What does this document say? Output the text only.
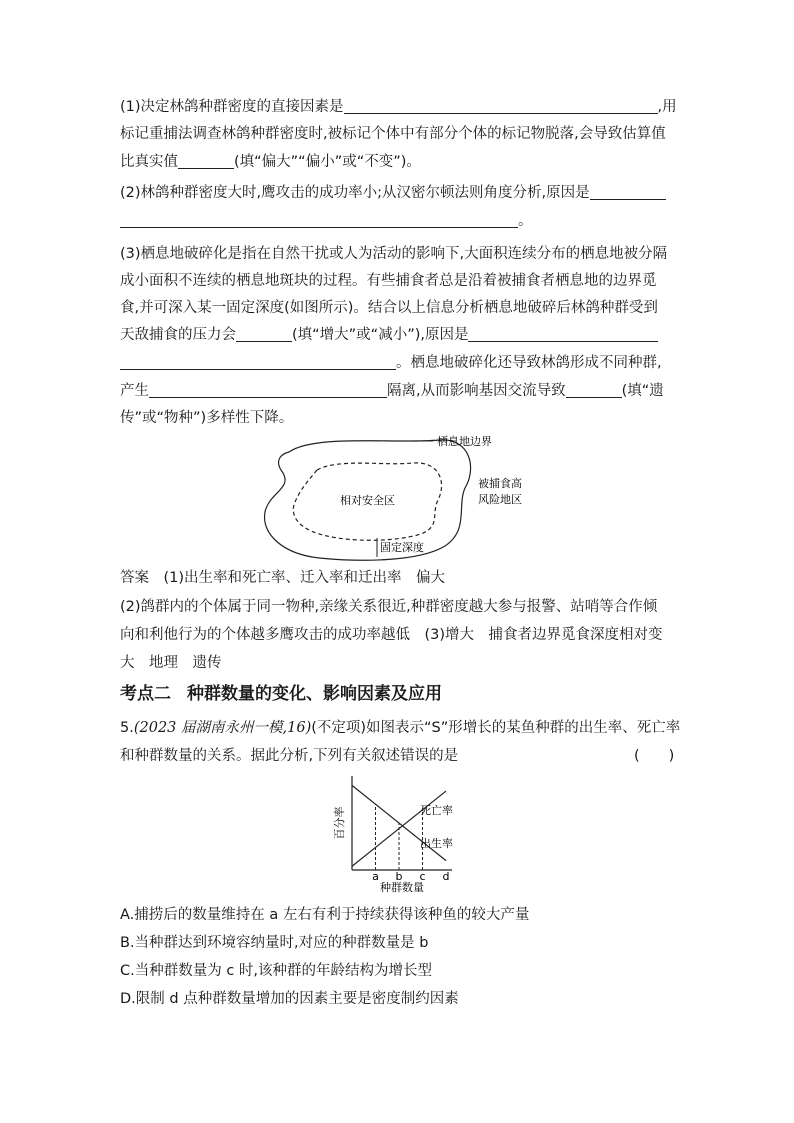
(1)决定林鸽种群密度的直接因素是	,用
标记重捕法调查林鸽种群密度时,被标记个体中有部分个体的标记物脱落,会导致估算值
比真实值	(填“偏大”“偏小”或“不变”)。
(2)林鸽种群密度大时,鹰攻击的成功率小;从汉密尔顿法则角度分析,原因是
。
(3)栖息地破碎化是指在自然干扰或人为活动的影响下,大面积连续分布的栖息地被分隔
成小面积不连续的栖息地斑块的过程。有些捕食者总是沿着被捕食者栖息地的边界觅
食,并可深入某一固定深度(如图所示)。结合以上信息分析栖息地破碎后林鸽种群受到
天敌捕食的压力会	(填“增大”或“减小”),原因是
。栖息地破碎化还导致林鸽形成不同种群,
产生	隔离,从而影响基因交流导致	(填“遗
传”或“物种”)多样性下降。
栖息地边界
相对安全区
被捕食高
风险地区
固定深度
答案　(1)出生率和死亡率、迁入率和迁出率　偏大
(2)鸽群内的个体属于同一物种,亲缘关系很近,种群密度越大参与报警、站哨等合作倾
向和利他行为的个体越多鹰攻击的成功率越低　(3)增大　捕食者边界觅食深度相对变
大　地理　遗传
考点二 种群数量的变化、影响因素及应用
5.(2023 届湖南永州一模,16)(不定项)如图表示“S”形增长的某鱼种群的出生率、死亡率
和种群数量的关系。据此分析,下列有关叙述错误的是	(　　)
a b c d
百分率
种群数量
死亡率
出生率
A.捕捞后的数量维持在 a 左右有利于持续获得该种鱼的较大产量
B.当种群达到环境容纳量时,对应的种群数量是 b
C.当种群数量为 c 时,该种群的年龄结构为增长型
D.限制 d 点种群数量增加的因素主要是密度制约因素
